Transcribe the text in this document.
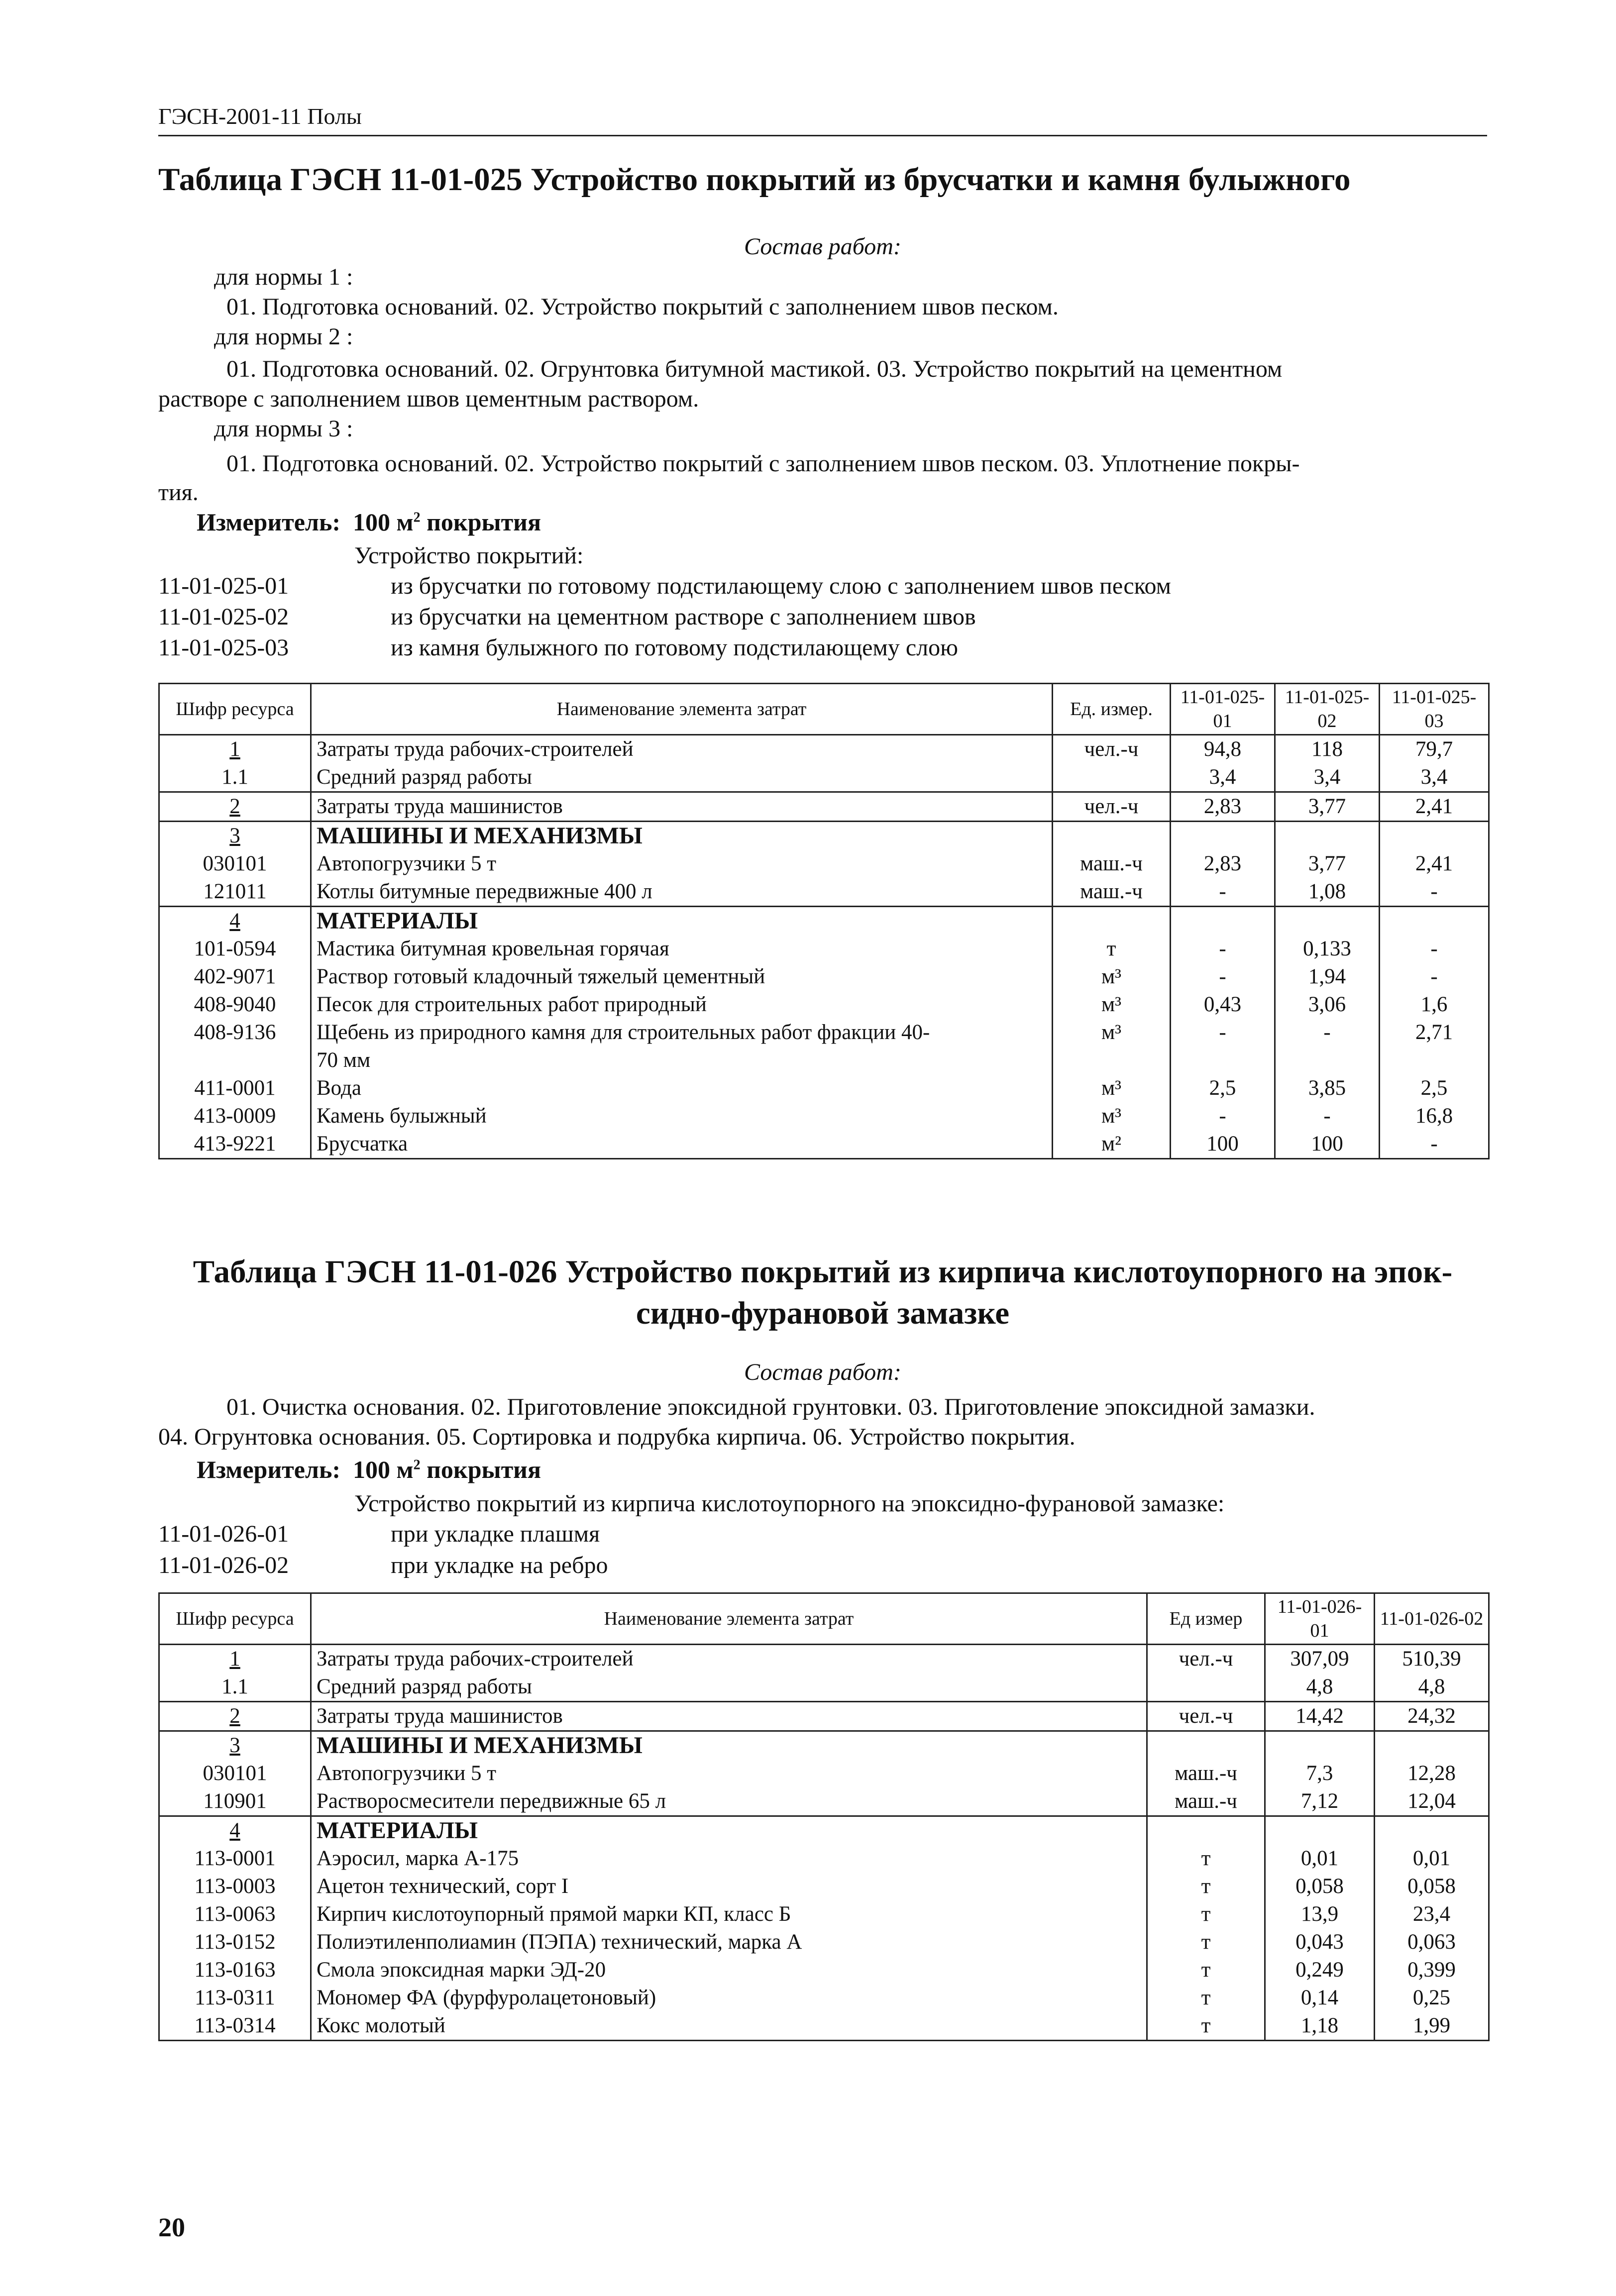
ГЭСН-2001-11 Полы
Таблица ГЭСН 11-01-025 Устройство покрытий из брусчатки и камня булыжного
Состав работ:
для нормы 1 :
01. Подготовка оснований. 02. Устройство покрытий с заполнением швов песком.
для нормы 2 :
01. Подготовка оснований. 02. Огрунтовка битумной мастикой. 03. Устройство покрытий на цементном
растворе с заполнением швов цементным раствором.
для нормы 3 :
01. Подготовка оснований. 02. Устройство покрытий с заполнением швов песком. 03. Уплотнение покры-
тия.
Измеритель: 100 $м^2$ покрытия
Устройство покрытий:
11-01-025-01	из брусчатки по готовому подстилающему слою с заполнением швов песком
11-01-025-02	из брусчатки на цементном растворе с заполнением швов
11-01-025-03	из камня булыжного по готовому подстилающему слою
Шифр ресурса	Наименование элемента затрат	Ед. измер.	11-01-025-01	11-01-025-02	11-01-025-03
1	Затраты труда рабочих-строителей	чел.-ч	94,8	118	79,7
1.1	Средний разряд работы		3,4	3,4	3,4
2	Затраты труда машинистов	чел.-ч	2,83	3,77	2,41
3	МАШИНЫ И МЕХАНИЗМЫ				
030101	Автопогрузчики 5 т	маш.-ч	2,83	3,77	2,41
121011	Котлы битумные передвижные 400 л	маш.-ч	-	1,08	-
4	МАТЕРИАЛЫ				
101-0594	Мастика битумная кровельная горячая	т	-	0,133	-
402-9071	Раствор готовый кладочный тяжелый цементный	м³	-	1,94	-
408-9040	Песок для строительных работ природный	м³	0,43	3,06	1,6
408-9136	Щебень из природного камня для строительных работ фракции 40-	м³	-	-	2,71
	70 мм				
411-0001	Вода	м³	2,5	3,85	2,5
413-0009	Камень булыжный	м³	-	-	16,8
413-9221	Брусчатка	м²	100	100	-
Таблица ГЭСН 11-01-026 Устройство покрытий из кирпича кислотоупорного на эпок-
сидно-фурановой замазке
Состав работ:
01. Очистка основания. 02. Приготовление эпоксидной грунтовки. 03. Приготовление эпоксидной замазки.
04. Огрунтовка основания. 05. Сортировка и подрубка кирпича. 06. Устройство покрытия.
Измеритель: 100 $м^2$ покрытия
Устройство покрытий из кирпича кислотоупорного на эпоксидно-фурановой замазке:
11-01-026-01	при укладке плашмя
11-01-026-02	при укладке на ребро
Шифр ресурса	Наименование элемента затрат	Ед измер	11-01-026-01	11-01-026-02
1	Затраты труда рабочих-строителей	чел.-ч	307,09	510,39
1.1	Средний разряд работы		4,8	4,8
2	Затраты труда машинистов	чел.-ч	14,42	24,32
3	МАШИНЫ И МЕХАНИЗМЫ			
030101	Автопогрузчики 5 т	маш.-ч	7,3	12,28
110901	Растворосмесители передвижные 65 л	маш.-ч	7,12	12,04
4	МАТЕРИАЛЫ			
113-0001	Аэросил, марка А-175	т	0,01	0,01
113-0003	Ацетон технический, сорт I	т	0,058	0,058
113-0063	Кирпич кислотоупорный прямой марки КП, класс Б	т	13,9	23,4
113-0152	Полиэтиленполиамин (ПЭПА) технический, марка А	т	0,043	0,063
113-0163	Смола эпоксидная марки ЭД-20	т	0,249	0,399
113-0311	Мономер ФА (фурфуролацетоновый)	т	0,14	0,25
113-0314	Кокс молотый	т	1,18	1,99
20
